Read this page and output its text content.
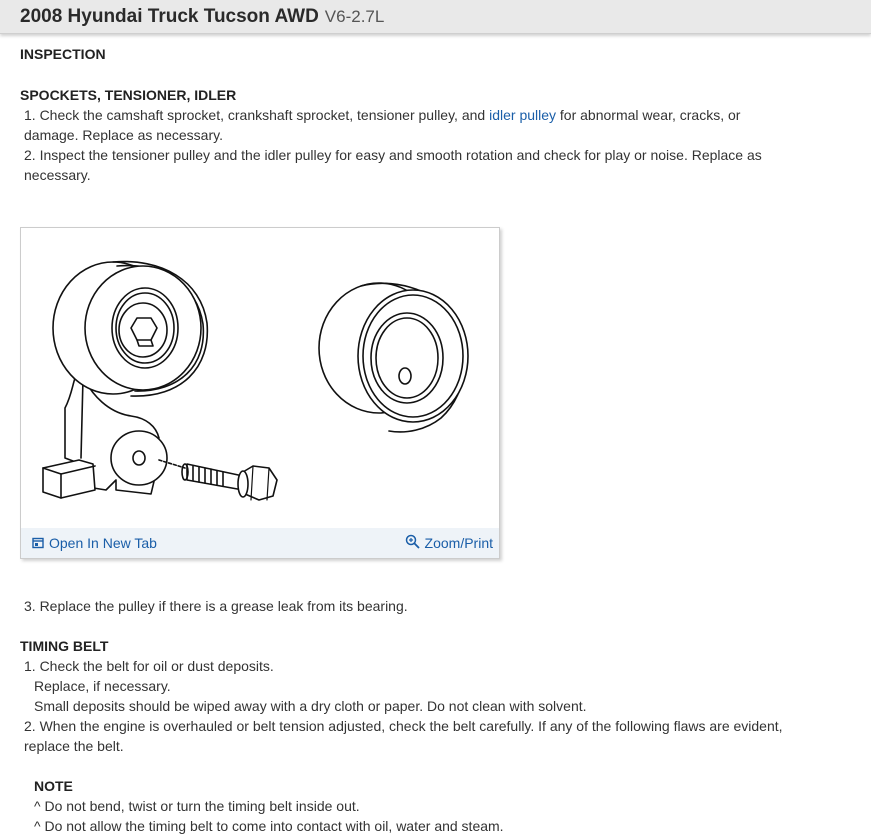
2008 Hyundai Truck Tucson AWD V6-2.7L
INSPECTION
SPOCKETS, TENSIONER, IDLER
1. Check the camshaft sprocket, crankshaft sprocket, tensioner pulley, and idler pulley for abnormal wear, cracks, or damage. Replace as necessary.
2. Inspect the tensioner pulley and the idler pulley for easy and smooth rotation and check for play or noise. Replace as necessary.
Open In New Tab	Zoom/Print
3. Replace the pulley if there is a grease leak from its bearing.
TIMING BELT
1. Check the belt for oil or dust deposits.
Replace, if necessary.
Small deposits should be wiped away with a dry cloth or paper. Do not clean with solvent.
2. When the engine is overhauled or belt tension adjusted, check the belt carefully. If any of the following flaws are evident, replace the belt.
NOTE
^ Do not bend, twist or turn the timing belt inside out.
^ Do not allow the timing belt to come into contact with oil, water and steam.
